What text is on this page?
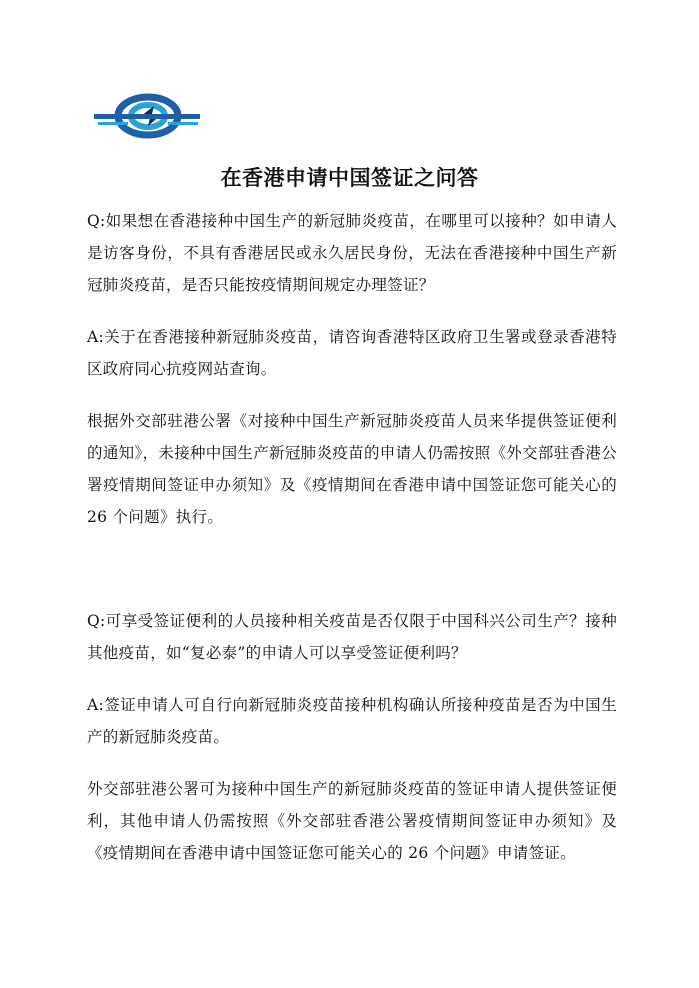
在香港申请中国签证之问答

Q:如果想在香港接种中国生产的新冠肺炎疫苗，在哪里可以接种？如申请人是访客身份，不具有香港居民或永久居民身份，无法在香港接种中国生产新冠肺炎疫苗，是否只能按疫情期间规定办理签证？

A:关于在香港接种新冠肺炎疫苗，请咨询香港特区政府卫生署或登录香港特区政府同心抗疫网站查询。

根据外交部驻港公署《对接种中国生产新冠肺炎疫苗人员来华提供签证便利的通知》，未接种中国生产新冠肺炎疫苗的申请人仍需按照《外交部驻香港公署疫情期间签证申办须知》及《疫情期间在香港申请中国签证您可能关心的 26 个问题》执行。

Q:可享受签证便利的人员接种相关疫苗是否仅限于中国科兴公司生产？接种其他疫苗，如“复必泰”的申请人可以享受签证便利吗？

A:签证申请人可自行向新冠肺炎疫苗接种机构确认所接种疫苗是否为中国生产的新冠肺炎疫苗。

外交部驻港公署可为接种中国生产的新冠肺炎疫苗的签证申请人提供签证便利，其他申请人仍需按照《外交部驻香港公署疫情期间签证申办须知》及《疫情期间在香港申请中国签证您可能关心的 26 个问题》申请签证。
